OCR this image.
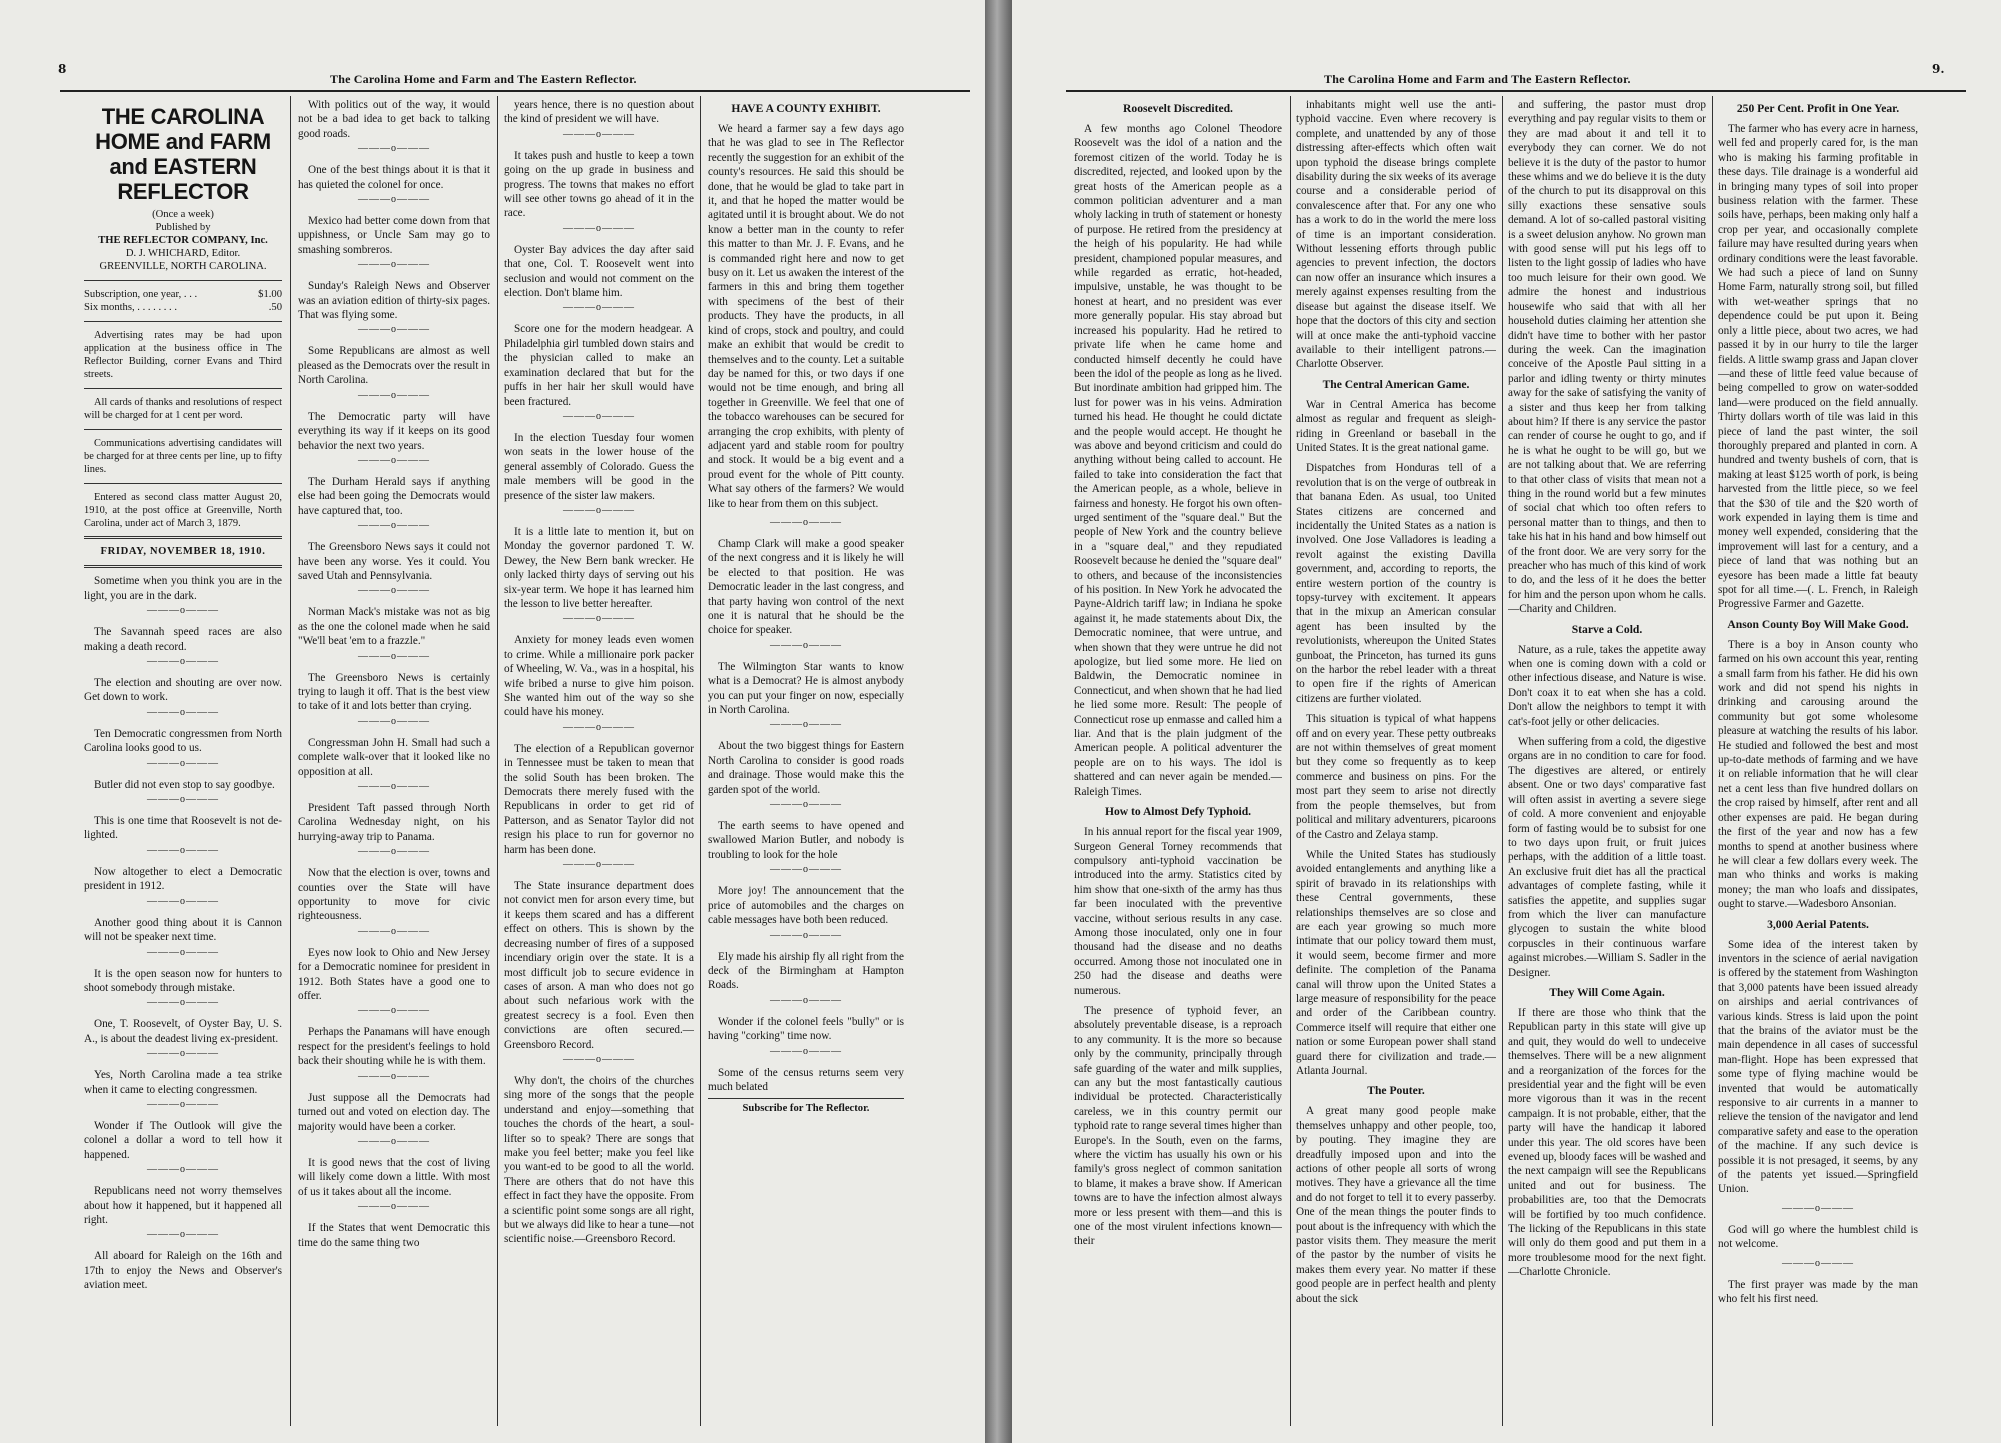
8
The Carolina Home and Farm and The Eastern Reflector.
THE CAROLINA HOME and FARM and EASTERN REFLECTOR
(Once a week)
Published by
THE REFLECTOR COMPANY, Inc.
D. J. WHICHARD, Editor.
GREENVILLE, NORTH CAROLINA.
Subscription, one year, . . .	$1.00
Six months, . . . . . . . .	.50

Advertising rates may be had upon application at the business office in The Reflector Building, corner Evans and Third streets.

All cards of thanks and resolutions of respect will be charged for at 1 cent per word.

Communications advertising candidates will be charged for at three cents per line, up to fifty lines.

Entered as second class matter August 20, 1910, at the post office at Greenville, North Carolina, under act of March 3, 1879.

FRIDAY, NOVEMBER 18, 1910.

Sometime when you think you are in the light, you are in the dark.

———o———

The Savannah speed races are also making a death record.

———o———

The election and shouting are over now. Get down to work.

———o———

Ten Democratic congressmen from North Carolina looks good to us.

———o———

Butler did not even stop to say goodbye.

———o———

This is one time that Roosevelt is not de-lighted.

———o———

Now altogether to elect a Democratic president in 1912.

———o———

Another good thing about it is Cannon will not be speaker next time.

———o———

It is the open season now for hunters to shoot somebody through mistake.

———o———

One, T. Roosevelt, of Oyster Bay, U. S. A., is about the deadest living ex-president.

———o———

Yes, North Carolina made a tea strike when it came to electing congressmen.

———o———

Wonder if The Outlook will give the colonel a dollar a word to tell how it happened.

———o———

Republicans need not worry themselves about how it happened, but it happened all right.

———o———

All aboard for Raleigh on the 16th and 17th to enjoy the News and Observer's aviation meet.

With politics out of the way, it would not be a bad idea to get back to talking good roads.

———o———

One of the best things about it is that it has quieted the colonel for once.

———o———

Mexico had better come down from that uppishness, or Uncle Sam may go to smashing sombreros.

———o———

Sunday's Raleigh News and Observer was an aviation edition of thirty-six pages. That was flying some.

———o———

Some Republicans are almost as well pleased as the Democrats over the result in North Carolina.

———o———

The Democratic party will have everything its way if it keeps on its good behavior the next two years.

———o———

The Durham Herald says if anything else had been going the Democrats would have captured that, too.

———o———

The Greensboro News says it could not have been any worse. Yes it could. You saved Utah and Pennsylvania.

———o———

Norman Mack's mistake was not as big as the one the colonel made when he said "We'll beat 'em to a frazzle."

———o———

The Greensboro News is certainly trying to laugh it off. That is the best view to take of it and lots better than crying.

———o———

Congressman John H. Small had such a complete walk-over that it looked like no opposition at all.

———o———

President Taft passed through North Carolina Wednesday night, on his hurrying-away trip to Panama.

———o———

Now that the election is over, towns and counties over the State will have opportunity to move for civic righteousness.

———o———

Eyes now look to Ohio and New Jersey for a Democratic nominee for president in 1912. Both States have a good one to offer.

———o———

Perhaps the Panamans will have enough respect for the president's feelings to hold back their shouting while he is with them.

———o———

Just suppose all the Democrats had turned out and voted on election day. The majority would have been a corker.

———o———

It is good news that the cost of living will likely come down a little. With most of us it takes about all the income.

———o———

If the States that went Democratic this time do the same thing two

years hence, there is no question about the kind of president we will have.

———o———

It takes push and hustle to keep a town going on the up grade in business and progress. The towns that makes no effort will see other towns go ahead of it in the race.

———o———

Oyster Bay advices the day after said that one, Col. T. Roosevelt went into seclusion and would not comment on the election. Don't blame him.

———o———

Score one for the modern headgear. A Philadelphia girl tumbled down stairs and the physician called to make an examination declared that but for the puffs in her hair her skull would have been fractured.

———o———

In the election Tuesday four women won seats in the lower house of the general assembly of Colorado. Guess the male members will be good in the presence of the sister law makers.

———o———

It is a little late to mention it, but on Monday the governor pardoned T. W. Dewey, the New Bern bank wrecker. He only lacked thirty days of serving out his six-year term. We hope it has learned him the lesson to live better hereafter.

———o———

Anxiety for money leads even women to crime. While a millionaire pork packer of Wheeling, W. Va., was in a hospital, his wife bribed a nurse to give him poison. She wanted him out of the way so she could have his money.

———o———

The election of a Republican governor in Tennessee must be taken to mean that the solid South has been broken. The Democrats there merely fused with the Republicans in order to get rid of Patterson, and as Senator Taylor did not resign his place to run for governor no harm has been done.

———o———

The State insurance department does not convict men for arson every time, but it keeps them scared and has a different effect on others. This is shown by the decreasing number of fires of a supposed incendiary origin over the state. It is a most difficult job to secure evidence in cases of arson. A man who does not go about such nefarious work with the greatest secrecy is a fool. Even then convictions are often secured.—Greensboro Record.

———o———

Why don't, the choirs of the churches sing more of the songs that the people understand and enjoy—something that touches the chords of the heart, a soul-lifter so to speak? There are songs that make you feel better; make you feel like you want-ed to be good to all the world. There are others that do not have this effect in fact they have the opposite. From a scientific point some songs are all right, but we always did like to hear a tune—not scientific noise.—Greensboro Record.

HAVE A COUNTY EXHIBIT.

We heard a farmer say a few days ago that he was glad to see in The Reflector recently the suggestion for an exhibit of the county's resources. He said this should be done, that he would be glad to take part in it, and that he hoped the matter would be agitated until it is brought about. We do not know a better man in the county to refer this matter to than Mr. J. F. Evans, and he is commanded right here and now to get busy on it. Let us awaken the interest of the farmers in this and bring them together with specimens of the best of their products. They have the products, in all kind of crops, stock and poultry, and could make an exhibit that would be credit to themselves and to the county. Let a suitable day be named for this, or two days if one would not be time enough, and bring all together in Greenville. We feel that one of the tobacco warehouses can be secured for arranging the crop exhibits, with plenty of adjacent yard and stable room for poultry and stock. It would be a big event and a proud event for the whole of Pitt county. What say others of the farmers? We would like to hear from them on this subject.

———o———

Champ Clark will make a good speaker of the next congress and it is likely he will be elected to that position. He was Democratic leader in the last congress, and that party having won control of the next one it is natural that he should be the choice for speaker.

———o———

The Wilmington Star wants to know what is a Democrat? He is almost anybody you can put your finger on now, especially in North Carolina.

———o———

About the two biggest things for Eastern North Carolina to consider is good roads and drainage. Those would make this the garden spot of the world.

———o———

The earth seems to have opened and swallowed Marion Butler, and nobody is troubling to look for the hole

———o———

More joy! The announcement that the price of automobiles and the charges on cable messages have both been reduced.

———o———

Ely made his airship fly all right from the deck of the Birmingham at Hampton Roads.

———o———

Wonder if the colonel feels "bully" or is having "corking" time now.

———o———

Some of the census returns seem very much belated

Subscribe for The Reflector.
The Carolina Home and Farm and The Eastern Reflector.
9.
Roosevelt Discredited.

A few months ago Colonel Theodore Roosevelt was the idol of a nation and the foremost citizen of the world. Today he is discredited, rejected, and looked upon by the great hosts of the American people as a common politician adventurer and a man wholy lacking in truth of statement or honesty of purpose. He retired from the presidency at the heigh of his popularity. He had while president, championed popular measures, and while regarded as erratic, hot-headed, impulsive, unstable, he was thought to be honest at heart, and no president was ever more generally popular. His stay abroad but increased his popularity. Had he retired to private life when he came home and conducted himself decently he could have been the idol of the people as long as he lived. But inordinate ambition had gripped him. The lust for power was in his veins. Admiration turned his head. He thought he could dictate and the people would accept. He thought he was above and beyond criticism and could do anything without being called to account. He failed to take into consideration the fact that the American people, as a whole, believe in fairness and honesty. He forgot his own often-urged sentiment of the "square deal." But the people of New York and the country believe in a "square deal," and they repudiated Roosevelt because he denied the "square deal" to others, and because of the inconsistencies of his position. In New York he advocated the Payne-Aldrich tariff law; in Indiana he spoke against it, he made statements about Dix, the Democratic nominee, that were untrue, and when shown that they were untrue he did not apologize, but lied some more. He lied on Baldwin, the Democratic nominee in Connecticut, and when shown that he had lied he lied some more. Result: The people of Connecticut rose up enmasse and called him a liar. And that is the plain judgment of the American people. A political adventurer the people are on to his ways. The idol is shattered and can never again be mended.—Raleigh Times.

How to Almost Defy Typhoid.

In his annual report for the fiscal year 1909, Surgeon General Torney recommends that compulsory anti-typhoid vaccination be introduced into the army. Statistics cited by him show that one-sixth of the army has thus far been inoculated with the preventive vaccine, without serious results in any case. Among those inoculated, only one in four thousand had the disease and no deaths occurred. Among those not inoculated one in 250 had the disease and deaths were numerous.

The presence of typhoid fever, an absolutely preventable disease, is a reproach to any community. It is the more so because only by the community, principally through safe guarding of the water and milk supplies, can any but the most fantastically cautious individual be protected. Characteristically careless, we in this country permit our typhoid rate to range several times higher than Europe's. In the South, even on the farms, where the victim has usually his own or his family's gross neglect of common sanitation to blame, it makes a brave show. If American towns are to have the infection almost always more or less present with them—and this is one of the most virulent infections known—their

inhabitants might well use the anti-typhoid vaccine. Even where recovery is complete, and unattended by any of those distressing after-effects which often wait upon typhoid the disease brings complete disability during the six weeks of its average course and a considerable period of convalescence after that. For any one who has a work to do in the world the mere loss of time is an important consideration. Without lessening efforts through public agencies to prevent infection, the doctors can now offer an insurance which insures a merely against expenses resulting from the disease but against the disease itself. We hope that the doctors of this city and section will at once make the anti-typhoid vaccine available to their intelligent patrons.—Charlotte Observer.

The Central American Game.

War in Central America has become almost as regular and frequent as sleigh-riding in Greenland or baseball in the United States. It is the great national game.

Dispatches from Honduras tell of a revolution that is on the verge of outbreak in that banana Eden. As usual, too United States citizens are concerned and incidentally the United States as a nation is involved. One Jose Valladores is leading a revolt against the existing Davilla government, and, according to reports, the entire western portion of the country is topsy-turvey with excitement. It appears that in the mixup an American consular agent has been insulted by the revolutionists, whereupon the United States gunboat, the Princeton, has turned its guns on the harbor the rebel leader with a threat to open fire if the rights of American citizens are further violated.

This situation is typical of what happens off and on every year. These petty outbreaks are not within themselves of great moment but they come so frequently as to keep commerce and business on pins. For the most part they seem to arise not directly from the people themselves, but from political and military adventurers, picaroons of the Castro and Zelaya stamp.

While the United States has studiously avoided entanglements and anything like a spirit of bravado in its relationships with these Central governments, these relationships themselves are so close and are each year growing so much more intimate that our policy toward them must, it would seem, become firmer and more definite. The completion of the Panama canal will throw upon the United States a large measure of responsibility for the peace and order of the Caribbean country. Commerce itself will require that either one nation or some European power shall stand guard there for civilization and trade.—Atlanta Journal.

The Pouter.

A great many good people make themselves unhappy and other people, too, by pouting. They imagine they are dreadfully imposed upon and into the actions of other people all sorts of wrong motives. They have a grievance all the time and do not forget to tell it to every passerby. One of the mean things the pouter finds to pout about is the infrequency with which the pastor visits them. They measure the merit of the pastor by the number of visits he makes them every year. No matter if these good people are in perfect health and plenty about the sick

and suffering, the pastor must drop everything and pay regular visits to them or they are mad about it and tell it to everybody they can corner. We do not believe it is the duty of the pastor to humor these whims and we do believe it is the duty of the church to put its disapproval on this silly exactions these sensative souls demand. A lot of so-called pastoral visiting is a sweet delusion anyhow. No grown man with good sense will put his legs off to listen to the light gossip of ladies who have too much leisure for their own good. We admire the honest and industrious housewife who said that with all her household duties claiming her attention she didn't have time to bother with her pastor during the week. Can the imagination conceive of the Apostle Paul sitting in a parlor and idling twenty or thirty minutes away for the sake of satisfying the vanity of a sister and thus keep her from talking about him? If there is any service the pastor can render of course he ought to go, and if he is what he ought to be will go, but we are not talking about that. We are referring to that other class of visits that mean not a thing in the round world but a few minutes of social chat which too often refers to personal matter than to things, and then to take his hat in his hand and bow himself out of the front door. We are very sorry for the preacher who has much of this kind of work to do, and the less of it he does the better for him and the person upon whom he calls.—Charity and Children.

Starve a Cold.

Nature, as a rule, takes the appetite away when one is coming down with a cold or other infectious disease, and Nature is wise. Don't coax it to eat when she has a cold. Don't allow the neighbors to tempt it with cat's-foot jelly or other delicacies.

When suffering from a cold, the digestive organs are in no condition to care for food. The digestives are altered, or entirely absent. One or two days' comparative fast will often assist in averting a severe siege of cold. A more convenient and enjoyable form of fasting would be to subsist for one to two days upon fruit, or fruit juices perhaps, with the addition of a little toast. An exclusive fruit diet has all the practical advantages of complete fasting, while it satisfies the appetite, and supplies sugar from which the liver can manufacture glycogen to sustain the white blood corpuscles in their continuous warfare against microbes.—William S. Sadler in the Designer.

They Will Come Again.

If there are those who think that the Republican party in this state will give up and quit, they would do well to undeceive themselves. There will be a new alignment and a reorganization of the forces for the presidential year and the fight will be even more vigorous than it was in the recent campaign. It is not probable, either, that the party will have the handicap it labored under this year. The old scores have been evened up, bloody faces will be washed and the next campaign will see the Republicans united and out for business. The probabilities are, too that the Democrats will be fortified by too much confidence. The licking of the Republicans in this state will only do them good and put them in a more troublesome mood for the next fight. —Charlotte Chronicle.

250 Per Cent. Profit in One Year.

The farmer who has every acre in harness, well fed and properly cared for, is the man who is making his farming profitable in these days. Tile drainage is a wonderful aid in bringing many types of soil into proper business relation with the farmer. These soils have, perhaps, been making only half a crop per year, and occasionally complete failure may have resulted during years when ordinary conditions were the least favorable. We had such a piece of land on Sunny Home Farm, naturally strong soil, but filled with wet-weather springs that no dependence could be put upon it. Being only a little piece, about two acres, we had passed it by in our hurry to tile the larger fields. A little swamp grass and Japan clover—and these of little feed value because of being compelled to grow on water-sodded land—were produced on the field annually. Thirty dollars worth of tile was laid in this piece of land the past winter, the soil thoroughly prepared and planted in corn. A hundred and twenty bushels of corn, that is making at least $125 worth of pork, is being harvested from the little piece, so we feel that the $30 of tile and the $20 worth of work expended in laying them is time and money well expended, considering that the improvement will last for a century, and a piece of land that was nothing but an eyesore has been made a little fat beauty spot for all time.—(. L. French, in Raleigh Progressive Farmer and Gazette.

Anson County Boy Will Make Good.

There is a boy in Anson county who farmed on his own account this year, renting a small farm from his father. He did his own work and did not spend his nights in drinking and carousing around the community but got some wholesome pleasure at watching the results of his labor. He studied and followed the best and most up-to-date methods of farming and we have it on reliable information that he will clear net a cent less than five hundred dollars on the crop raised by himself, after rent and all other expenses are paid. He began during the first of the year and now has a few months to spend at another business where he will clear a few dollars every week. The man who thinks and works is making money; the man who loafs and dissipates, ought to starve.—Wadesboro Ansonian.

3,000 Aerial Patents.

Some idea of the interest taken by inventors in the science of aerial navigation is offered by the statement from Washington that 3,000 patents have been issued already on airships and aerial contrivances of various kinds. Stress is laid upon the point that the brains of the aviator must be the main dependence in all cases of successful man-flight. Hope has been expressed that some type of flying machine would be invented that would be automatically responsive to air currents in a manner to relieve the tension of the navigator and lend comparative safety and ease to the operation of the machine. If any such device is possible it is not presaged, it seems, by any of the patents yet issued.—Springfield Union.

———o———

God will go where the humblest child is not welcome.

———o———

The first prayer was made by the man who felt his first need.
